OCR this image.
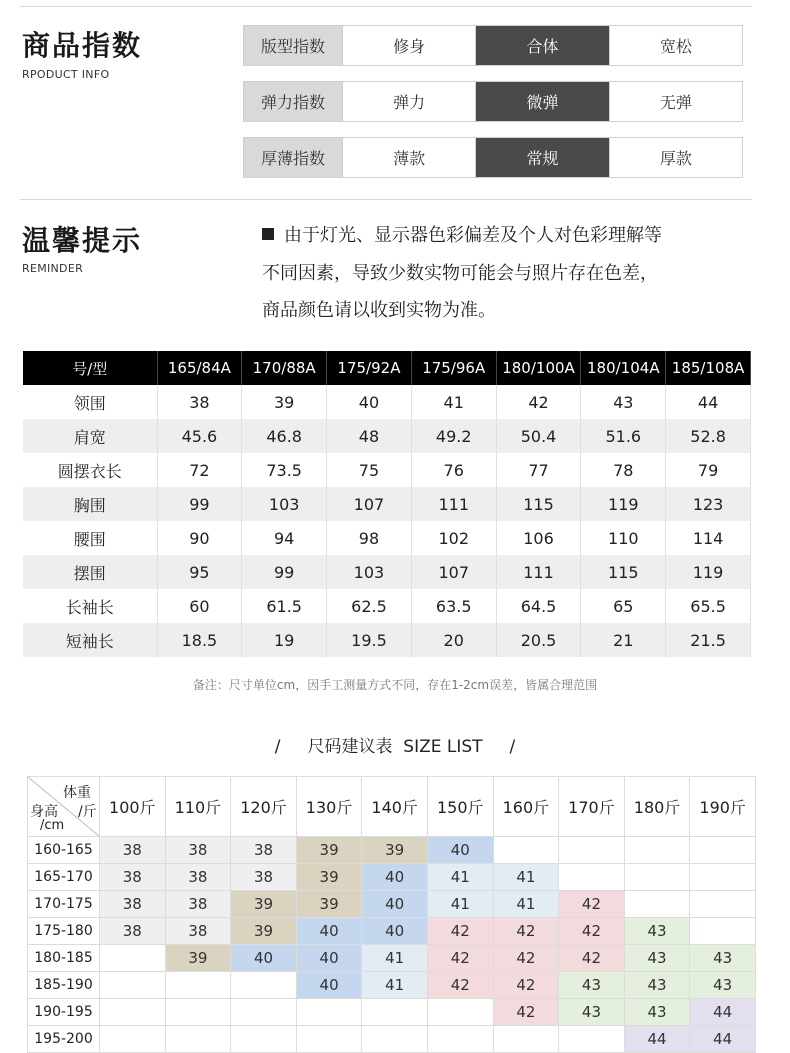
商品指数
RPODUCT INFO
版型指数	修身	合体	宽松
弹力指数	弹力	微弹	无弹
厚薄指数	薄款	常规	厚款
温馨提示
REMINDER
由于灯光、显示器色彩偏差及个人对色彩理解等
不同因素，导致少数实物可能会与照片存在色差，
商品颜色请以收到实物为准。
号/型	165/84A	170/88A	175/92A	175/96A	180/100A	180/104A	185/108A
领围	38	39	40	41	42	43	44
肩宽	45.6	46.8	48	49.2	50.4	51.6	52.8
圆摆衣长	72	73.5	75	76	77	78	79
胸围	99	103	107	111	115	119	123
腰围	90	94	98	102	106	110	114
摆围	95	99	103	107	111	115	119
长袖长	60	61.5	62.5	63.5	64.5	65	65.5
短袖长	18.5	19	19.5	20	20.5	21	21.5
备注：尺寸单位cm，因手工测量方式不同，存在1-2cm误差，皆属合理范围
/     尺码建议表  SIZE LIST     /
体重
身高 /斤
/cm	100斤	110斤	120斤	130斤	140斤	150斤	160斤	170斤	180斤	190斤
160-165	38	38	38	39	39	40				
165-170	38	38	38	39	40	41	41			
170-175	38	38	39	39	40	41	41	42		
175-180	38	38	39	40	40	42	42	42	43	
180-185		39	40	40	41	42	42	42	43	43
185-190				40	41	42	42	43	43	43
190-195							42	43	43	44
195-200									44	44
